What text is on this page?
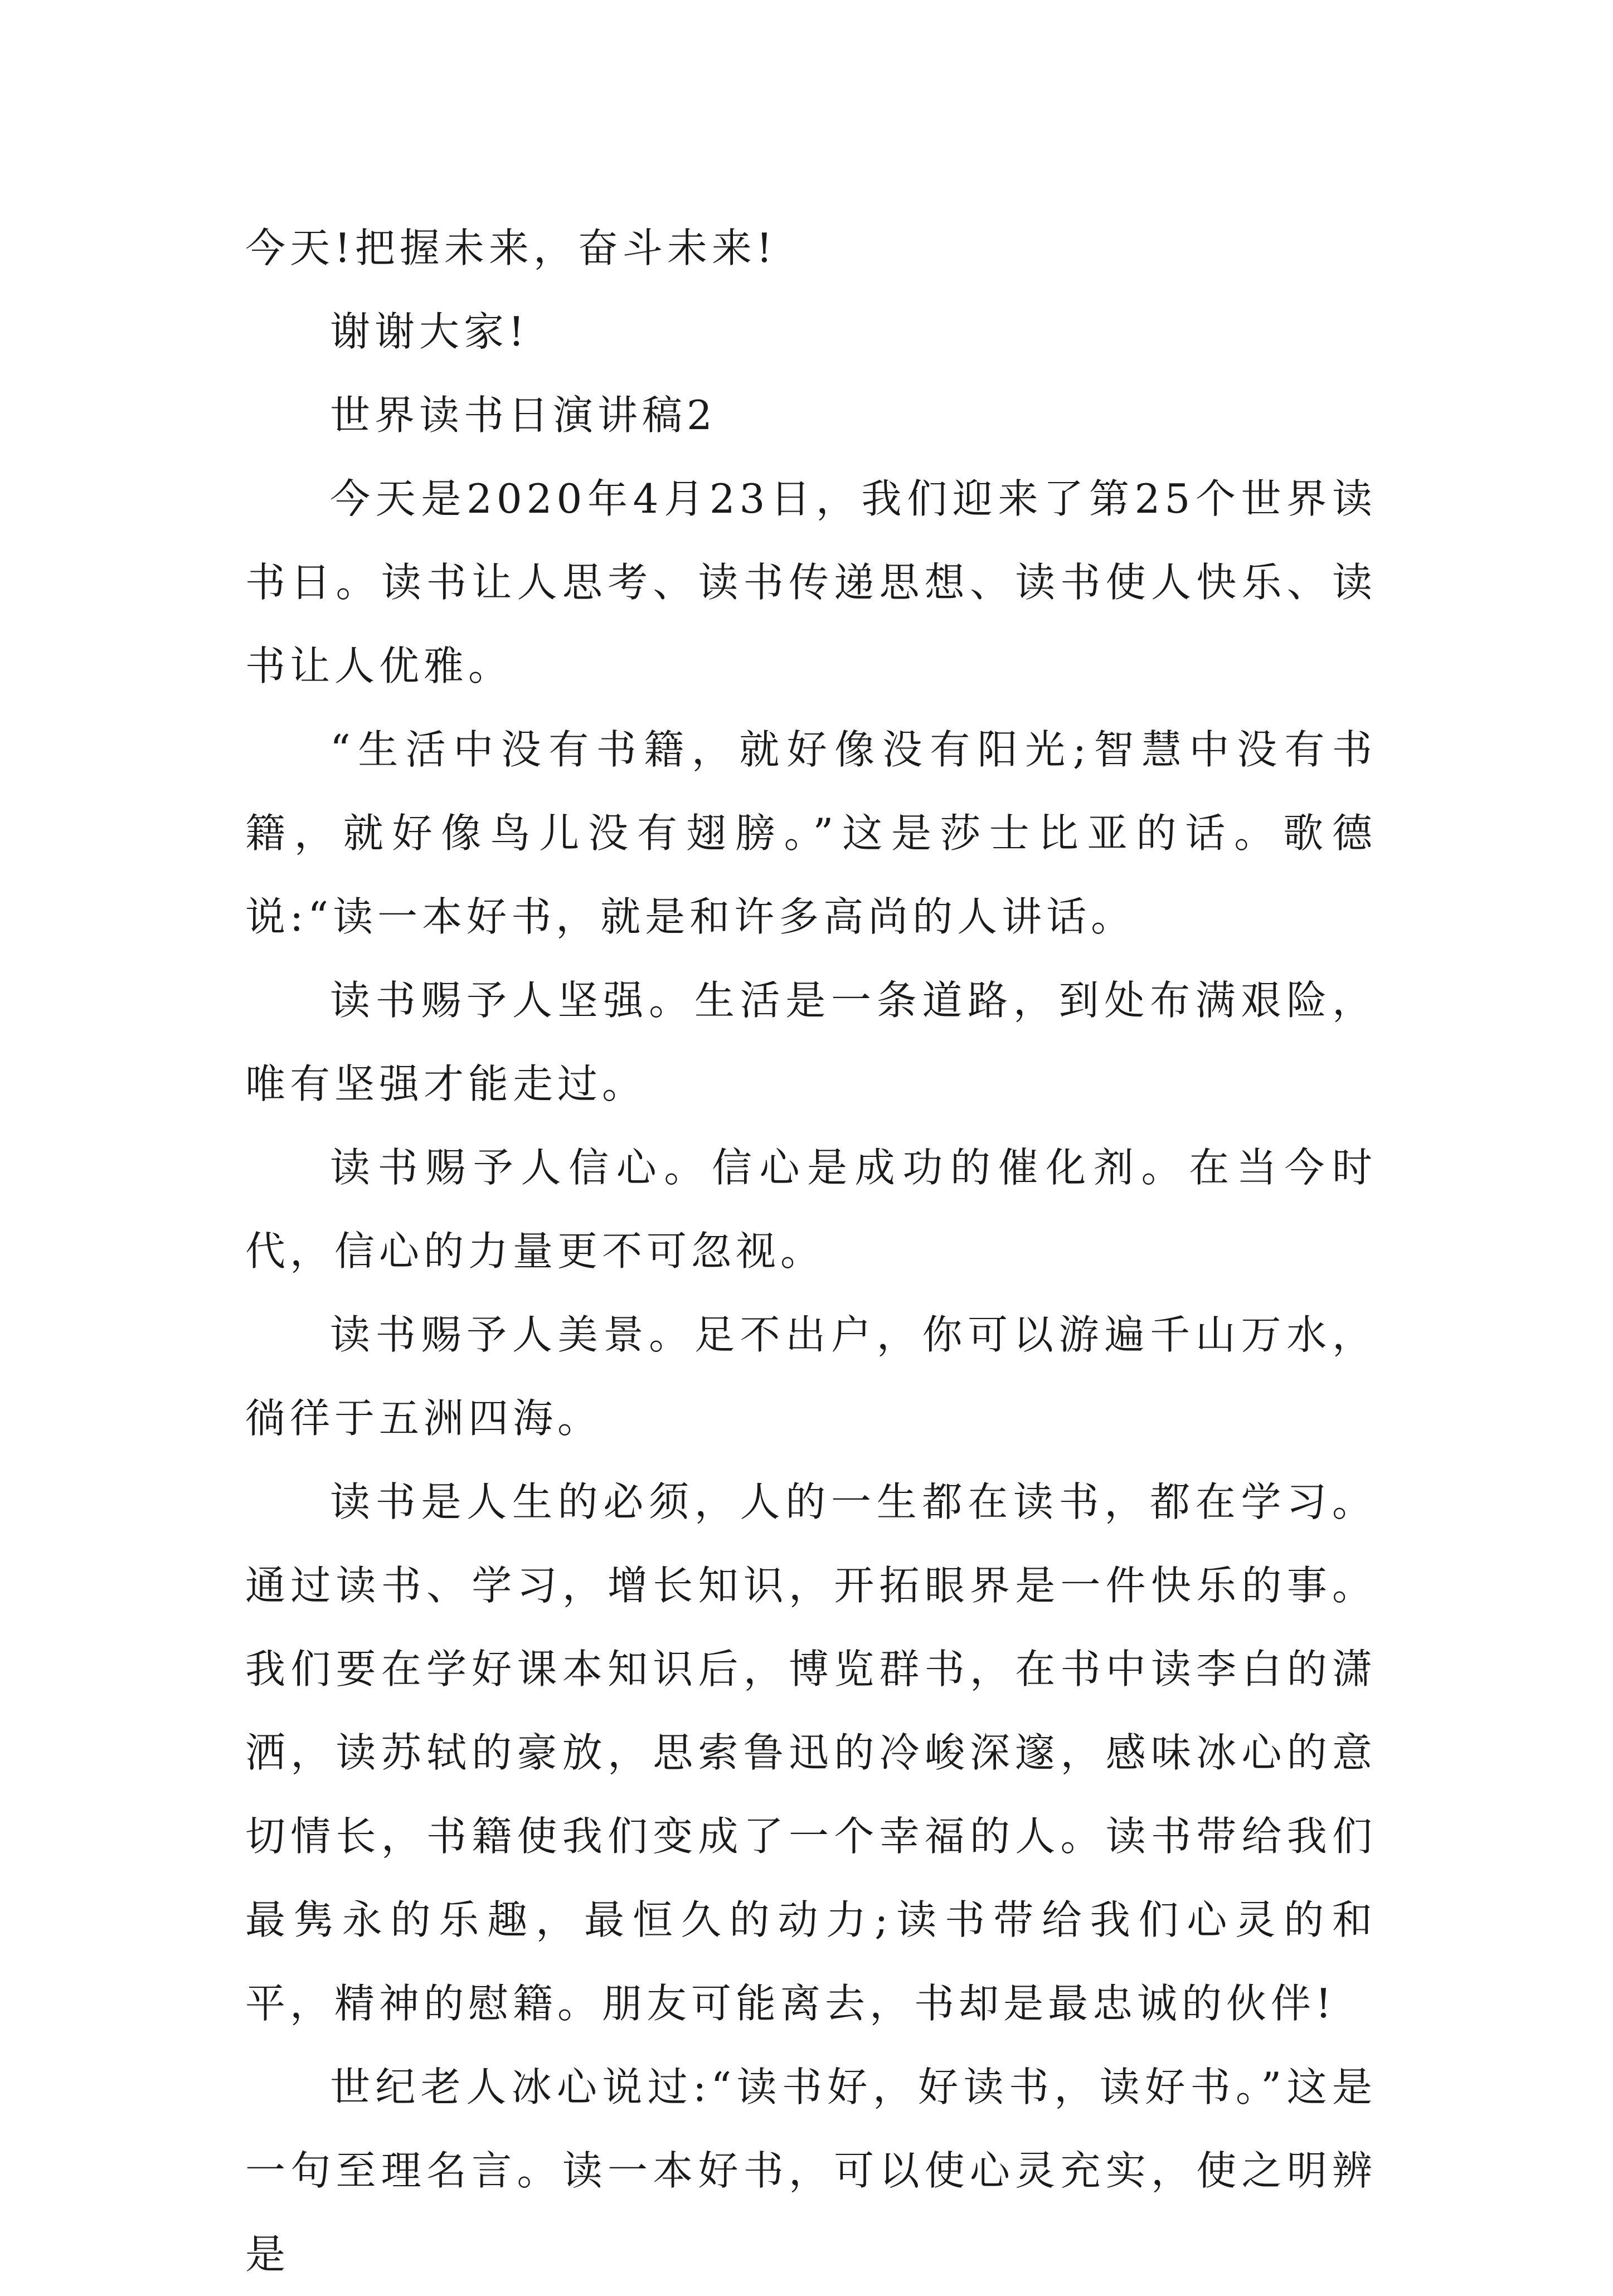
今天!把握未来，奋斗未来!

谢谢大家!

世界读书日演讲稿2

今天是2020年4月23日，我们迎来了第25个世界读书日。读书让人思考、读书传递思想、读书使人快乐、读书让人优雅。

“生活中没有书籍，就好像没有阳光;智慧中没有书籍，就好像鸟儿没有翅膀。”这是莎士比亚的话。歌德说:“读一本好书，就是和许多高尚的人讲话。

读书赐予人坚强。生活是一条道路，到处布满艰险，唯有坚强才能走过。

读书赐予人信心。信心是成功的催化剂。在当今时代，信心的力量更不可忽视。

读书赐予人美景。足不出户，你可以游遍千山万水，徜徉于五洲四海。

读书是人生的必须，人的一生都在读书，都在学习。通过读书、学习，增长知识，开拓眼界是一件快乐的事。我们要在学好课本知识后，博览群书，在书中读李白的潇洒，读苏轼的豪放，思索鲁迅的冷峻深邃，感味冰心的意切情长，书籍使我们变成了一个幸福的人。读书带给我们最隽永的乐趣，最恒久的动力;读书带给我们心灵的和平，精神的慰籍。朋友可能离去，书却是最忠诚的伙伴!

世纪老人冰心说过:“读书好，好读书，读好书。”这是一句至理名言。读一本好书，可以使心灵充实，使之明辨是
